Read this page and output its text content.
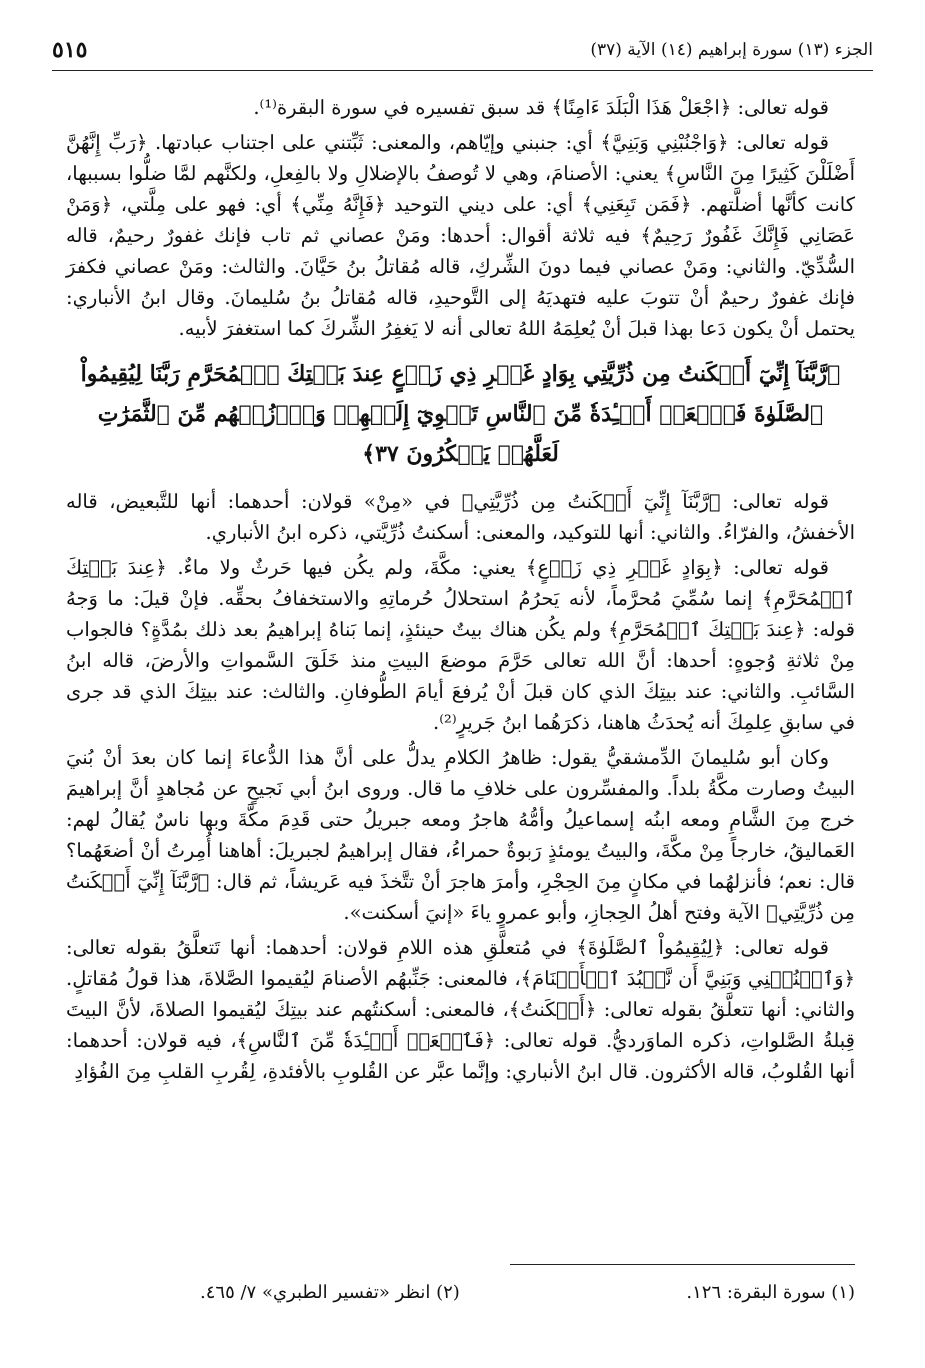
الجزء (١٣) سورة إبراهيم (١٤) الآية (٣٧)
٥١٥

قوله تعالى: ﴿اجْعَلْ هَذَا الْبَلَدَ ءَامِنًا﴾ قد سبق تفسيره في سورة البقرة⁽¹⁾.

قوله تعالى: ﴿وَاجْنُبْنِي وَبَنِيَّ﴾ أي: جنبني وإيّاهم، والمعنى: ثَبِّتني على اجتناب عبادتها. ﴿رَبِّ إِنَّهُنَّ أَضْلَلْنَ كَثِيرًا مِنَ النَّاسِ﴾ يعني: الأصنامَ، وهي لا تُوصفُ بالإضلالِ ولا بالفِعلِ، ولكنَّهم لمَّا ضلُّوا بسببها، كانت كأنَّها أضلَّتهم. ﴿فَمَن تَبِعَنِي﴾ أي: على ديني التوحيد ﴿فَإِنَّهُ مِنِّي﴾ أي: فهو على مِلَّتي، ﴿وَمَنْ عَصَانِي فَإِنَّكَ غَفُورٌ رَحِيمٌ﴾ فيه ثلاثة أقوال: أحدها: ومَنْ عصاني ثم تاب فإنك غفورٌ رحيمٌ، قاله السُّدِّيّ. والثاني: ومَنْ عصاني فيما دونَ الشِّركِ، قاله مُقاتلُ بنُ حَيَّانَ. والثالث: ومَنْ عصاني فكفرَ فإنك غفورٌ رحيمٌ أنْ تتوبَ عليه فتهديَهُ إلى التَّوحيدِ، قاله مُقاتلُ بنُ سُليمانَ. وقال ابنُ الأنباري: يحتمل أنْ يكون دَعا بهذا قبلَ أنْ يُعلِمَهُ اللهُ تعالى أنه لا يَغفِرُ الشِّركَ كما استغفرَ لأبيه.

﴿رَّبَّنَآ إِنِّيٓ أَسۡكَنتُ مِن ذُرِّيَّتِي بِوَادٍ غَيۡرِ ذِي زَرۡعٍ عِندَ بَيۡتِكَ ٱلۡمُحَرَّمِ رَبَّنَا لِيُقِيمُواْ ٱلصَّلَوٰةَ فَٱجۡعَلۡ أَفۡـِٔدَةٗ مِّنَ ٱلنَّاسِ تَهۡوِيٓ إِلَيۡهِمۡ وَٱرۡزُقۡهُم مِّنَ ٱلثَّمَرَٰتِ لَعَلَّهُمۡ يَشۡكُرُونَ ٣٧﴾

قوله تعالى: ﴿رَّبَّنَآ إِنِّيٓ أَسۡكَنتُ مِن ذُرِّيَّتِي﴾ في «مِنْ» قولان: أحدهما: أنها للتَّبعيض، قاله الأخفشُ، والفرّاءُ. والثاني: أنها للتوكيد، والمعنى: أسكنتُ ذُرِّيَّتي، ذكره ابنُ الأنباري.

قوله تعالى: ﴿بِوَادٍ غَيۡرِ ذِي زَرۡعٍ﴾ يعني: مكَّةَ، ولم يكُن فيها حَرثٌ ولا ماءٌ. ﴿عِندَ بَيۡتِكَ ٱلۡمُحَرَّمِ﴾ إنما سُمِّيَ مُحرَّماً، لأنه يَحرُمُ استحلالُ حُرماتِهِ والاستخفافُ بحقِّه. فإنْ قيلَ: ما وَجهُ قوله: ﴿عِندَ بَيۡتِكَ ٱلۡمُحَرَّمِ﴾ ولم يكُن هناك بيتٌ حينئذٍ، إنما بَناهُ إبراهيمُ بعد ذلك بمُدَّةٍ؟ فالجواب مِنْ ثلاثةِ وُجوهٍ: أحدها: أنَّ الله تعالى حَرَّمَ موضعَ البيتِ منذ خَلَقَ السَّمواتِ والأرضَ، قاله ابنُ السَّائبِ. والثاني: عند بيتِكَ الذي كان قبلَ أنْ يُرفعَ أيامَ الطُّوفانِ. والثالث: عند بيتِكَ الذي قد جرى في سابقِ عِلمِكَ أنه يُحدَثُ هاهنا، ذكرَهُما ابنُ جَريرٍ⁽²⁾.

وكان أبو سُليمانَ الدِّمشقيُّ يقول: ظاهرُ الكلامِ يدلُّ على أنَّ هذا الدُّعاءَ إنما كان بعدَ أنْ بُنيَ البيتُ وصارت مكَّةُ بلداً. والمفسِّرون على خلافِ ما قال. وروى ابنُ أبي نَجيحٍ عن مُجاهدٍ أنَّ إبراهيمَ خرج مِنَ الشَّامِ ومعه ابنُه إسماعيلُ وأمُّهُ هاجرُ ومعه جبريلُ حتى قَدِمَ مكَّةَ وبها ناسٌ يُقالُ لهم: العَماليقُ، خارجاً مِنْ مكَّةَ، والبيتُ يومئذٍ رَبوةٌ حمراءُ، فقال إبراهيمُ لجبريلَ: أهاهنا أُمِرتُ أنْ أضعَهُما؟ قال: نعم؛ فأنزلهُما في مكانٍ مِنَ الحِجْرِ، وأمرَ هاجرَ أنْ تتَّخذَ فيه عَريشاً، ثم قال: ﴿رَّبَّنَآ إِنِّيٓ أَسۡكَنتُ مِن ذُرِّيَّتِي﴾ الآية وفتح أهلُ الحِجازِ، وأبو عمروٍ ياءَ «إنيَ أسكنت».

قوله تعالى: ﴿لِيُقِيمُواْ ٱلصَّلَوٰةَ﴾ في مُتعلَّقِ هذه اللامِ قولان: أحدهما: أنها تَتعلَّقُ بقوله تعالى: ﴿وَٱجۡنُبۡنِي وَبَنِيَّ أَن نَّعۡبُدَ ٱلۡأَصۡنَامَ﴾، فالمعنى: جَنِّبهُم الأصنامَ ليُقيموا الصَّلاةَ، هذا قولُ مُقاتلٍ. والثاني: أنها تتعلَّقُ بقوله تعالى: ﴿أَسۡكَنتُ﴾، فالمعنى: أسكنتُهم عند بيتِكَ ليُقيموا الصلاةَ، لأنَّ البيتَ قِبلةُ الصَّلواتِ، ذكره الماوَرديُّ. قوله تعالى: ﴿فَٱجۡعَلۡ أَفۡـِٔدَةٗ مِّنَ ٱلنَّاسِ﴾، فيه قولان: أحدهما: أنها القُلوبُ، قاله الأكثرون. قال ابنُ الأنباري: وإنَّما عبَّر عن القُلوبِ بالأفئدةِ، لِقُربِ القلبِ مِنَ الفُؤادِ

(١) سورة البقرة: ١٢٦.
(٢) انظر «تفسير الطبري» ٧/ ٤٦٥.
